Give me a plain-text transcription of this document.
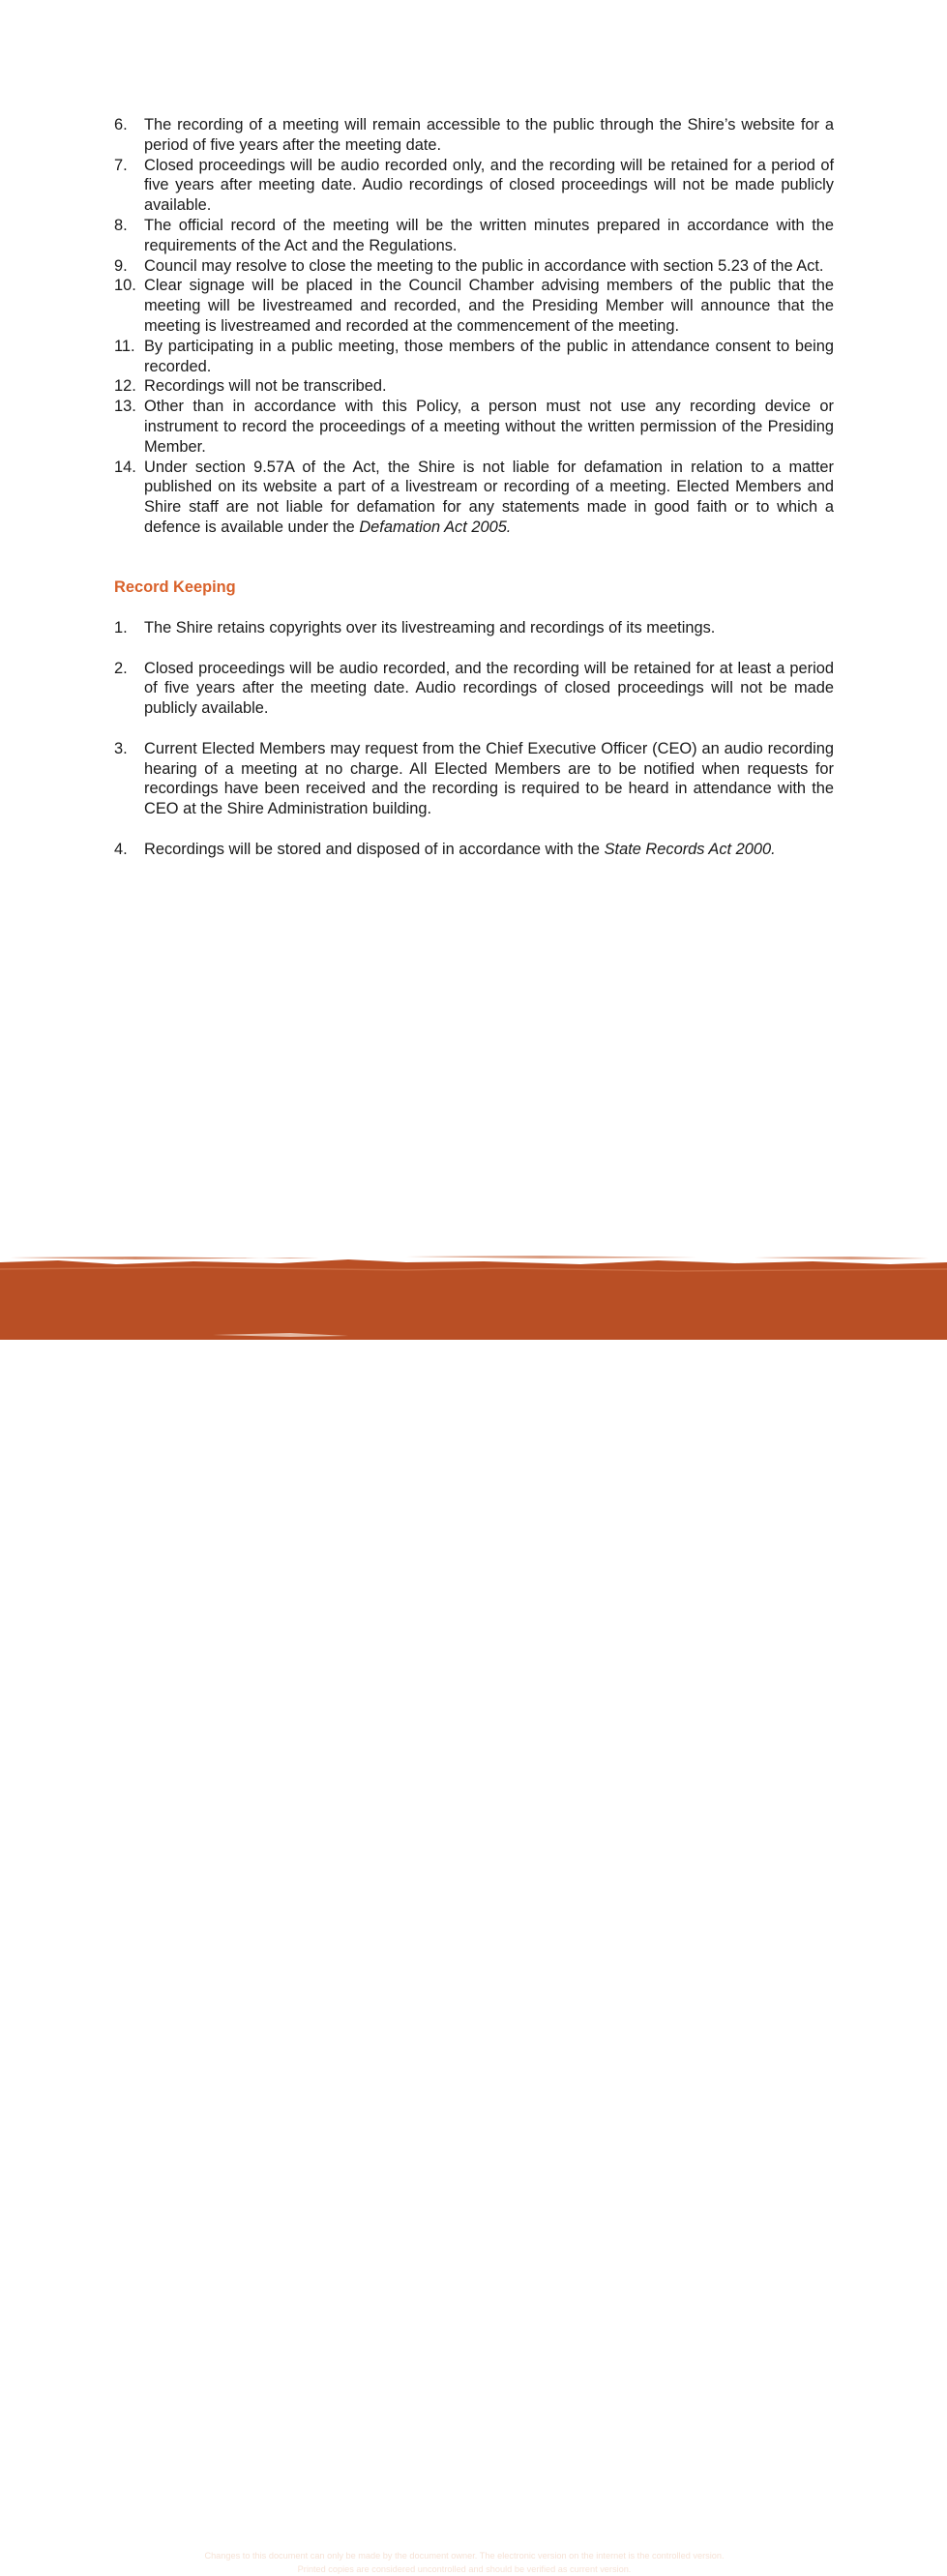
6. The recording of a meeting will remain accessible to the public through the Shire’s website for a period of five years after the meeting date.
7. Closed proceedings will be audio recorded only, and the recording will be retained for a period of five years after meeting date. Audio recordings of closed proceedings will not be made publicly available.
8. The official record of the meeting will be the written minutes prepared in accordance with the requirements of the Act and the Regulations.
9. Council may resolve to close the meeting to the public in accordance with section 5.23 of the Act.
10. Clear signage will be placed in the Council Chamber advising members of the public that the meeting will be livestreamed and recorded, and the Presiding Member will announce that the meeting is livestreamed and recorded at the commencement of the meeting.
11. By participating in a public meeting, those members of the public in attendance consent to being recorded.
12. Recordings will not be transcribed.
13. Other than in accordance with this Policy, a person must not use any recording device or instrument to record the proceedings of a meeting without the written permission of the Presiding Member.
14. Under section 9.57A of the Act, the Shire is not liable for defamation in relation to a matter published on its website a part of a livestream or recording of a meeting. Elected Members and Shire staff are not liable for defamation for any statements made in good faith or to which a defence is available under the Defamation Act 2005.
Record Keeping
1. The Shire retains copyrights over its livestreaming and recordings of its meetings.
2. Closed proceedings will be audio recorded, and the recording will be retained for at least a period of five years after the meeting date. Audio recordings of closed proceedings will not be made publicly available.
3. Current Elected Members may request from the Chief Executive Officer (CEO) an audio recording hearing of a meeting at no charge. All Elected Members are to be notified when requests for recordings have been received and the recording is required to be heard in attendance with the CEO at the Shire Administration building.
4. Recordings will be stored and disposed of in accordance with the State Records Act 2000.
Changes to this document can only be made by the document owner. The electronic version on the internet is the controlled version.
Printed copies are considered uncontrolled and should be verified as current version.
Pg 2
